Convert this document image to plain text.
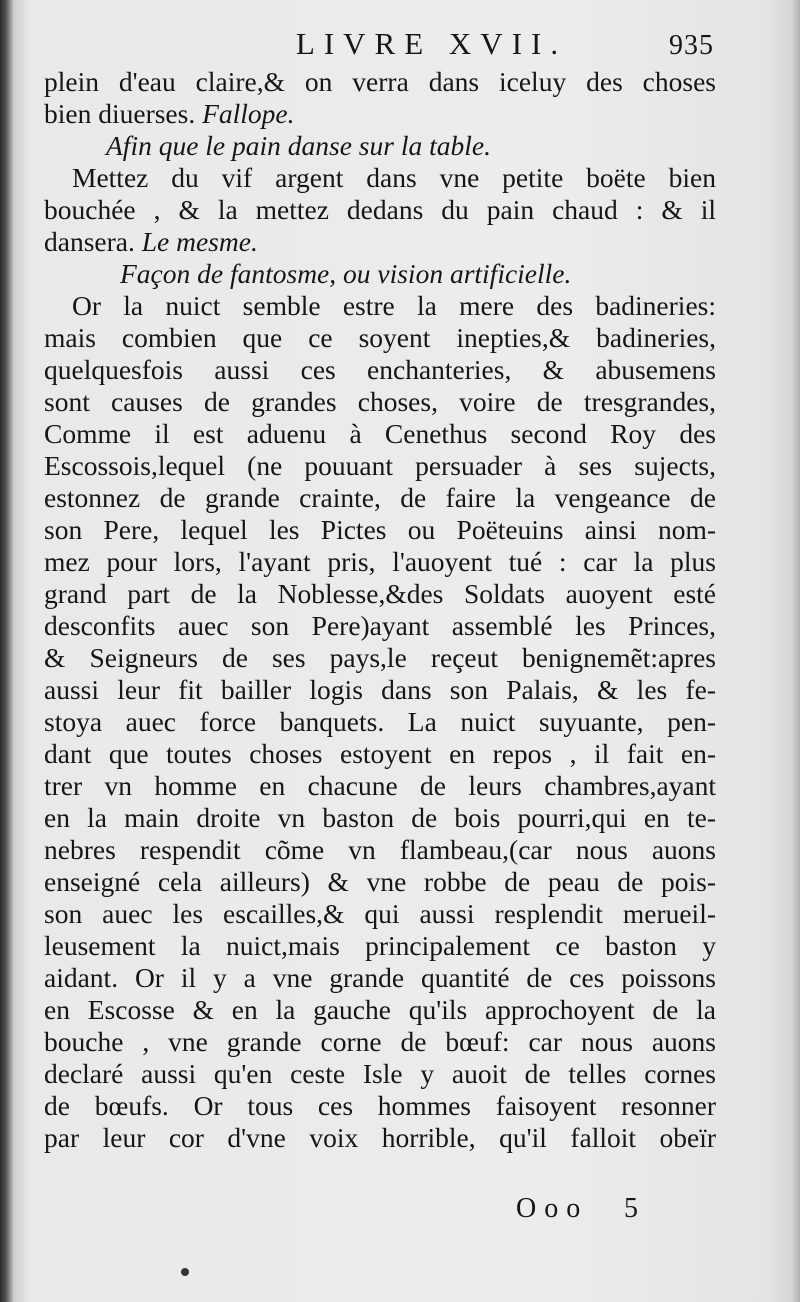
LIVRE XVII.	935
plein d'eau claire,& on verra dans iceluy des choses
bien diuerses. Fallope.
Afin que le pain danse sur la table.
Mettez du vif argent dans vne petite boëte bien
bouchée , & la mettez dedans du pain chaud : & il
dansera. Le mesme.
Façon de fantosme, ou vision artificielle.
Or la nuict semble estre la mere des badineries:
mais combien que ce soyent inepties,& badineries,
quelquesfois aussi ces enchanteries, & abusemens
sont causes de grandes choses, voire de tresgrandes,
Comme il est aduenu à Cenethus second Roy des
Escossois,lequel (ne pouuant persuader à ses sujects,
estonnez de grande crainte, de faire la vengeance de
son Pere, lequel les Pictes ou Poëteuins ainsi nom-
mez pour lors, l'ayant pris, l'auoyent tué : car la plus
grand part de la Noblesse,&des Soldats auoyent esté
desconfits auec son Pere)ayant assemblé les Princes,
& Seigneurs de ses pays,le reçeut benignemẽt:apres
aussi leur fit bailler logis dans son Palais, & les fe-
stoya auec force banquets. La nuict suyuante, pen-
dant que toutes choses estoyent en repos , il fait en-
trer vn homme en chacune de leurs chambres,ayant
en la main droite vn baston de bois pourri,qui en te-
nebres respendit cõme vn flambeau,(car nous auons
enseigné cela ailleurs) & vne robbe de peau de pois-
son auec les escailles,& qui aussi resplendit merueil-
leusement la nuict,mais principalement ce baston y
aidant. Or il y a vne grande quantité de ces poissons
en Escosse & en la gauche qu'ils approchoyent de la
bouche , vne grande corne de bœuf: car nous auons
declaré aussi qu'en ceste Isle y auoit de telles cornes
de bœufs. Or tous ces hommes faisoyent resonner
par leur cor d'vne voix horrible, qu'il falloit obeïr
Ooo 5
